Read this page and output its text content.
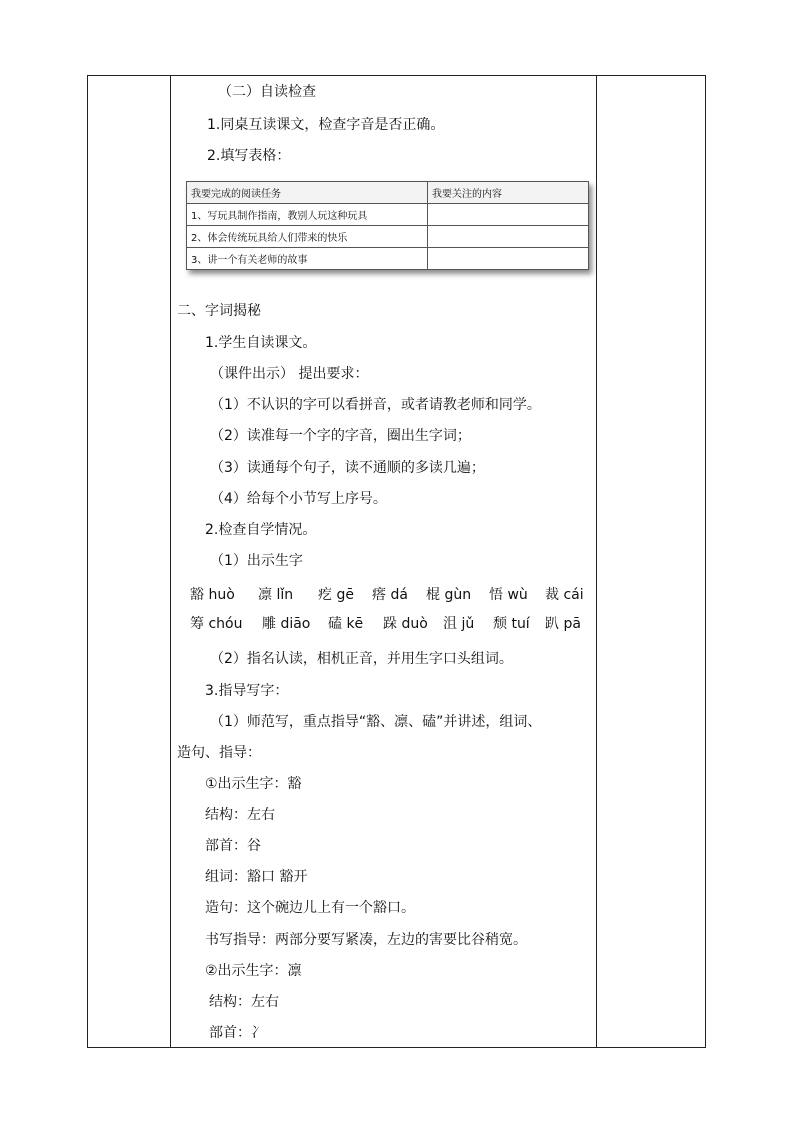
（二）自读检查
1.同桌互读课文，检查字音是否正确。
2.填写表格：
我要完成的阅读任务	我要关注的内容
1、写玩具制作指南，教别人玩这种玩具	
2、体会传统玩具给人们带来的快乐	
3、讲一个有关老师的故事	
二、字词揭秘
1.学生自读课文。
（课件出示） 提出要求：
（1）不认识的字可以看拼音，或者请教老师和同学。
（2）读准每一个字的字音，圈出生字词；
（3）读通每个句子，读不通顺的多读几遍；
（4）给每个小节写上序号。
2.检查自学情况。
（1）出示生字
豁 huò 凛 lǐn 疙 gē 瘩 dá 棍 gùn 悟 wù 裁 cái
筹 chóu 雕 diāo 磕 kē 跺 duò 沮 jǔ 颓 tuí 趴 pā
（2）指名认读，相机正音，并用生字口头组词。
3.指导写字：
（1）师范写，重点指导“豁、凛、磕”并讲述，组词、
造句、指导：
①出示生字：豁
结构：左右
部首：谷
组词：豁口 豁开
造句：这个碗边儿上有一个豁口。
书写指导：两部分要写紧凑，左边的害要比谷稍宽。
②出示生字：凛
结构：左右
部首：冫
